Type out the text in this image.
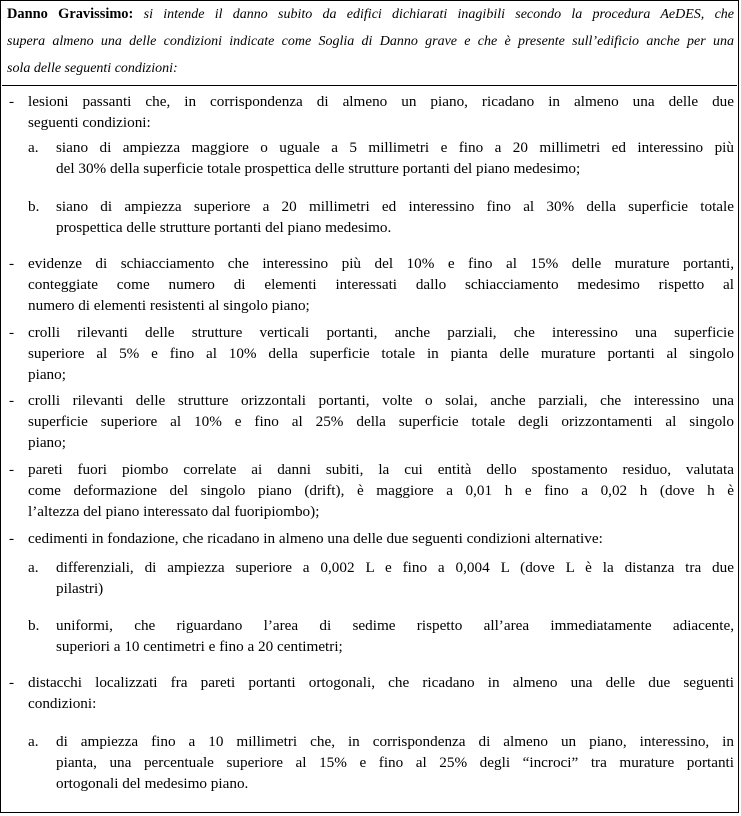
Danno Gravissimo: si intende il danno subito da edifici dichiarati inagibili secondo la procedura AeDES, che
supera almeno una delle condizioni indicate come Soglia di Danno grave e che è presente sull’edificio anche per una
sola delle seguenti condizioni:
- lesioni passanti che, in corrispondenza di almeno un piano, ricadano in almeno una delle due
seguenti condizioni:
a. siano di ampiezza maggiore o uguale a 5 millimetri e fino a 20 millimetri ed interessino più
del 30% della superficie totale prospettica delle strutture portanti del piano medesimo;
b. siano di ampiezza superiore a 20 millimetri ed interessino fino al 30% della superficie totale
prospettica delle strutture portanti del piano medesimo.
- evidenze di schiacciamento che interessino più del 10% e fino al 15% delle murature portanti,
conteggiate come numero di elementi interessati dallo schiacciamento medesimo rispetto al
numero di elementi resistenti al singolo piano;
- crolli rilevanti delle strutture verticali portanti, anche parziali, che interessino una superficie
superiore al 5% e fino al 10% della superficie totale in pianta delle murature portanti al singolo
piano;
- crolli rilevanti delle strutture orizzontali portanti, volte o solai, anche parziali, che interessino una
superficie superiore al 10% e fino al 25% della superficie totale degli orizzontamenti al singolo
piano;
- pareti fuori piombo correlate ai danni subiti, la cui entità dello spostamento residuo, valutata
come deformazione del singolo piano (drift), è maggiore a 0,01 h e fino a 0,02 h (dove h è
l’altezza del piano interessato dal fuoripiombo);
- cedimenti in fondazione, che ricadano in almeno una delle due seguenti condizioni alternative:
a. differenziali, di ampiezza superiore a 0,002 L e fino a 0,004 L (dove L è la distanza tra due
pilastri)
b. uniformi, che riguardano l’area di sedime rispetto all’area immediatamente adiacente,
superiori a 10 centimetri e fino a 20 centimetri;
- distacchi localizzati fra pareti portanti ortogonali, che ricadano in almeno una delle due seguenti
condizioni:
a. di ampiezza fino a 10 millimetri che, in corrispondenza di almeno un piano, interessino, in
pianta, una percentuale superiore al 15% e fino al 25% degli “incroci” tra murature portanti
ortogonali del medesimo piano.
